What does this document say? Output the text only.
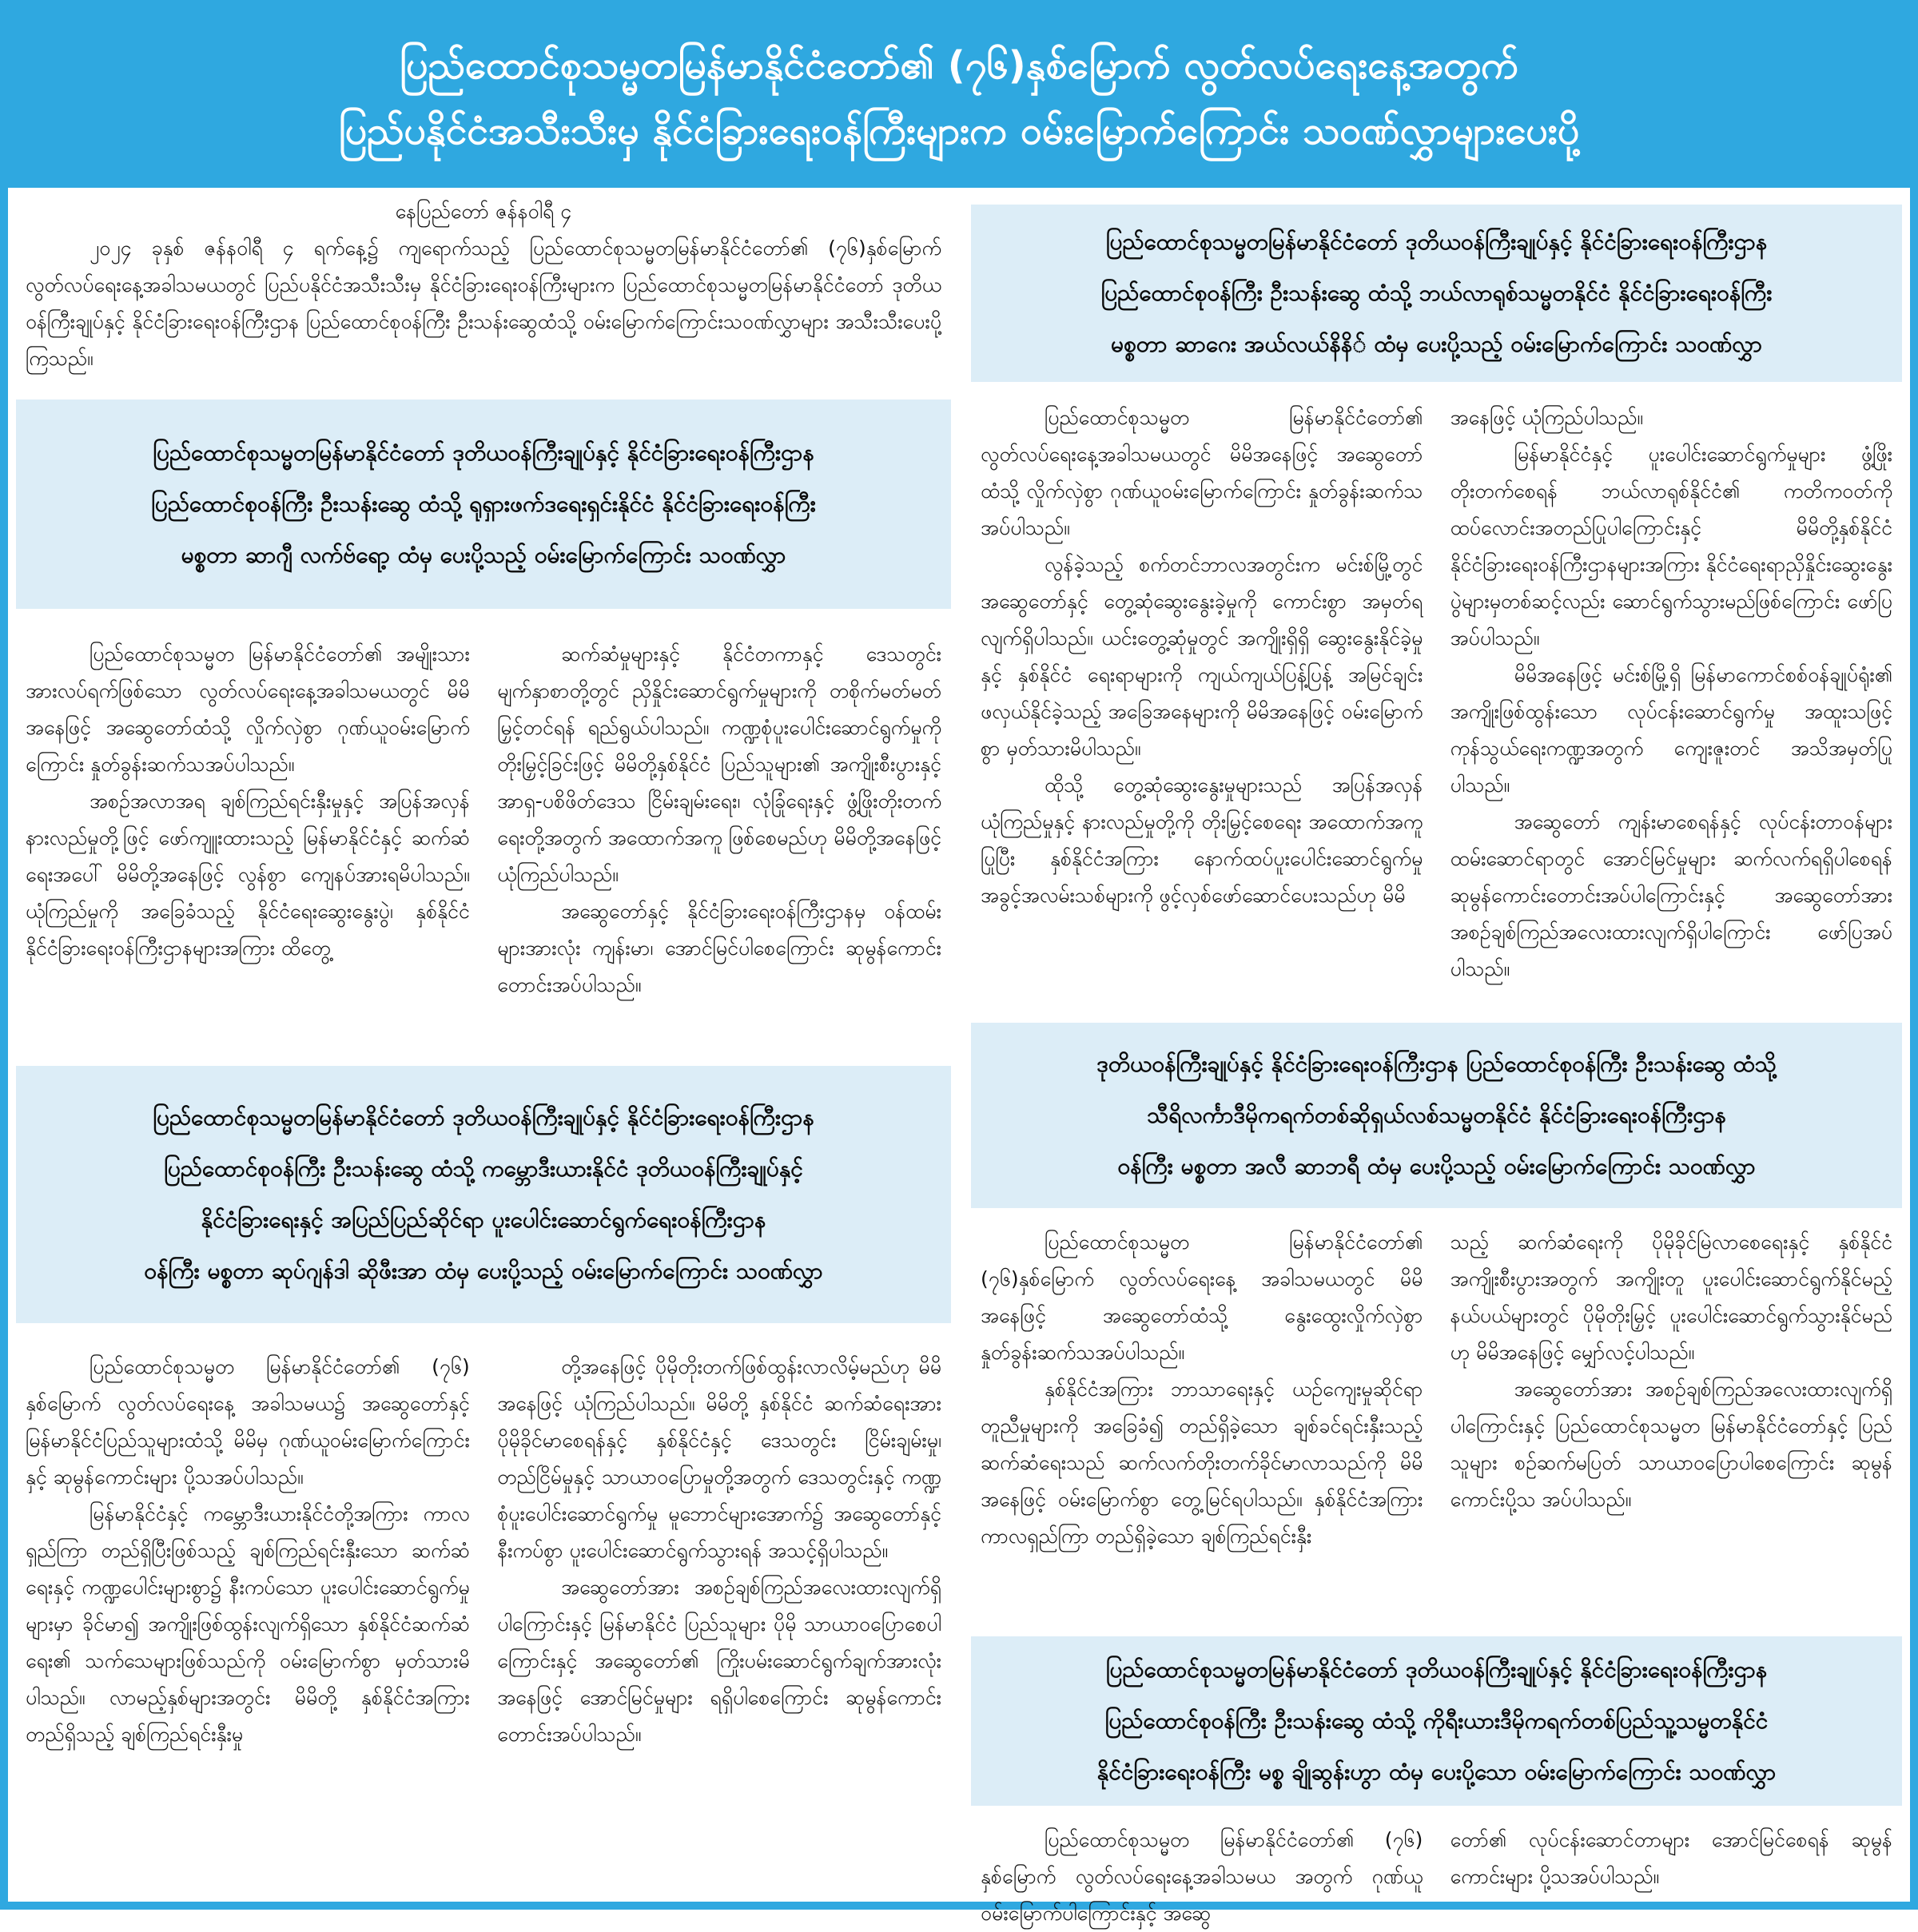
ပြည်ထောင်စုသမ္မတမြန်မာနိုင်ငံတော်၏ (၇၆)နှစ်မြောက် လွတ်လပ်ရေးနေ့အတွက်
ပြည်ပနိုင်ငံအသီးသီးမှ နိုင်ငံခြားရေးဝန်ကြီးများက ဝမ်းမြောက်ကြောင်း သဝဏ်လွှာများပေးပို့
နေပြည်တော် ဇန်နဝါရီ ၄

၂၀၂၄ ခုနှစ် ဇန်နဝါရီ ၄ ရက်နေ့၌ ကျရောက်သည့် ပြည်ထောင်စုသမ္မတမြန်မာနိုင်ငံတော်၏ (၇၆)နှစ်မြောက် လွတ်လပ်ရေးနေ့အခါသမယတွင် ပြည်ပနိုင်ငံအသီးသီးမှ နိုင်ငံခြားရေးဝန်ကြီးများက ပြည်ထောင်စုသမ္မတမြန်မာနိုင်ငံတော် ဒုတိယဝန်ကြီးချုပ်နှင့် နိုင်ငံခြားရေးဝန်ကြီးဌာန ပြည်ထောင်စုဝန်ကြီး ဦးသန်းဆွေထံသို့ ဝမ်းမြောက်ကြောင်းသဝဏ်လွှာများ အသီးသီးပေးပို့ကြသည်။

ပြည်ထောင်စုသမ္မတမြန်မာနိုင်ငံတော် ဒုတိယဝန်ကြီးချုပ်နှင့် နိုင်ငံခြားရေးဝန်ကြီးဌာန
ပြည်ထောင်စုဝန်ကြီး ဦးသန်းဆွေ ထံသို့ ရုရှားဖက်ဒရေးရှင်းနိုင်ငံ နိုင်ငံခြားရေးဝန်ကြီး
မစ္စတာ ဆာဂျီ လက်ဗ်ရော့ ထံမှ ပေးပို့သည့် ဝမ်းမြောက်ကြောင်း သဝဏ်လွှာ

ပြည်ထောင်စုသမ္မတ မြန်မာနိုင်ငံတော်၏ အမျိုးသားအားလပ်ရက်ဖြစ်သော လွတ်လပ်ရေးနေ့အခါသမယတွင် မိမိအနေဖြင့် အဆွေတော်ထံသို့ လှိုက်လှဲစွာ ဂုဏ်ယူဝမ်းမြောက်ကြောင်း နှုတ်ခွန်းဆက်သအပ်ပါသည်။

အစဉ်အလာအရ ချစ်ကြည်ရင်းနှီးမှုနှင့် အပြန်အလှန်နားလည်မှုတို့ဖြင့် ဖော်ကျူးထားသည့် မြန်မာနိုင်ငံနှင့် ဆက်ဆံရေးအပေါ် မိမိတို့အနေဖြင့် လွန်စွာ ကျေနပ်အားရမိပါသည်။ ယုံကြည်မှုကို အခြေခံသည့် နိုင်ငံရေးဆွေးနွေးပွဲ၊ နှစ်နိုင်ငံ နိုင်ငံခြားရေးဝန်ကြီးဌာနများအကြား ထိတွေ့

ဆက်ဆံမှုများနှင့် နိုင်ငံတကာနှင့် ဒေသတွင်း မျက်နှာစာတို့တွင် ညှိနှိုင်းဆောင်ရွက်မှုများကို တစိုက်မတ်မတ် မြှင့်တင်ရန် ရည်ရွယ်ပါသည်။ ကဏ္ဍစုံပူးပေါင်းဆောင်ရွက်မှုကို တိုးမြှင့်ခြင်းဖြင့် မိမိတို့နှစ်နိုင်ငံ ပြည်သူများ၏ အကျိုးစီးပွားနှင့် အာရှ-ပစိဖိတ်ဒေသ ငြိမ်းချမ်းရေး၊ လုံခြုံရေးနှင့် ဖွံ့ဖြိုးတိုးတက်ရေးတို့အတွက် အထောက်အကူ ဖြစ်စေမည်ဟု မိမိတို့အနေဖြင့် ယုံကြည်ပါသည်။

အဆွေတော်နှင့် နိုင်ငံခြားရေးဝန်ကြီးဌာနမှ ဝန်ထမ်းများအားလုံး ကျန်းမာ၊ အောင်မြင်ပါစေကြောင်း ဆုမွန်ကောင်းတောင်းအပ်ပါသည်။

ပြည်ထောင်စုသမ္မတမြန်မာနိုင်ငံတော် ဒုတိယဝန်ကြီးချုပ်နှင့် နိုင်ငံခြားရေးဝန်ကြီးဌာန
ပြည်ထောင်စုဝန်ကြီး ဦးသန်းဆွေ ထံသို့ ကမ္ဘောဒီးယားနိုင်ငံ ဒုတိယဝန်ကြီးချုပ်နှင့်
နိုင်ငံခြားရေးနှင့် အပြည်ပြည်ဆိုင်ရာ ပူးပေါင်းဆောင်ရွက်ရေးဝန်ကြီးဌာန
ဝန်ကြီး မစ္စတာ ဆုပ်ဂျန်ဒါ ဆိုဖီးအာ ထံမှ ပေးပို့သည့် ဝမ်းမြောက်ကြောင်း သဝဏ်လွှာ

ပြည်ထောင်စုသမ္မတ မြန်မာနိုင်ငံတော်၏ (၇၆) နှစ်မြောက် လွတ်လပ်ရေးနေ့ အခါသမယ၌ အဆွေတော်နှင့် မြန်မာနိုင်ငံပြည်သူများထံသို့ မိမိမှ ဂုဏ်ယူဝမ်းမြောက်ကြောင်းနှင့် ဆုမွန်ကောင်းများ ပို့သအပ်ပါသည်။

မြန်မာနိုင်ငံနှင့် ကမ္ဘောဒီးယားနိုင်ငံတို့အကြား ကာလရှည်ကြာ တည်ရှိပြီးဖြစ်သည့် ချစ်ကြည်ရင်းနှီးသော ဆက်ဆံရေးနှင့် ကဏ္ဍပေါင်းများစွာ၌ နီးကပ်သော ပူးပေါင်းဆောင်ရွက်မှုများမှာ ခိုင်မာ၍ အကျိုးဖြစ်ထွန်းလျက်ရှိသော နှစ်နိုင်ငံဆက်ဆံရေး၏ သက်သေများဖြစ်သည်ကို ဝမ်းမြောက်စွာ မှတ်သားမိပါသည်။ လာမည့်နှစ်များအတွင်း မိမိတို့ နှစ်နိုင်ငံအကြား တည်ရှိသည့် ချစ်ကြည်ရင်းနှီးမှု

တို့အနေဖြင့် ပိုမိုတိုးတက်ဖြစ်ထွန်းလာလိမ့်မည်ဟု မိမိအနေဖြင့် ယုံကြည်ပါသည်။ မိမိတို့ နှစ်နိုင်ငံ ဆက်ဆံရေးအား ပိုမိုခိုင်မာစေရန်နှင့် နှစ်နိုင်ငံနှင့် ဒေသတွင်း ငြိမ်းချမ်းမှု၊ တည်ငြိမ်မှုနှင့် သာယာဝပြောမှုတို့အတွက် ဒေသတွင်းနှင့် ကဏ္ဍစုံပူးပေါင်းဆောင်ရွက်မှု မူဘောင်များအောက်၌ အဆွေတော်နှင့် နီးကပ်စွာ ပူးပေါင်းဆောင်ရွက်သွားရန် အသင့်ရှိပါသည်။

အဆွေတော်အား အစဉ်ချစ်ကြည်အလေးထားလျက်ရှိပါကြောင်းနှင့် မြန်မာနိုင်ငံ ပြည်သူများ ပိုမို သာယာဝပြောစေပါကြောင်းနှင့် အဆွေတော်၏ ကြိုးပမ်းဆောင်ရွက်ချက်အားလုံး အနေဖြင့် အောင်မြင်မှုများ ရရှိပါစေကြောင်း ဆုမွန်ကောင်း တောင်းအပ်ပါသည်။

ပြည်ထောင်စုသမ္မတမြန်မာနိုင်ငံတော် ဒုတိယဝန်ကြီးချုပ်နှင့် နိုင်ငံခြားရေးဝန်ကြီးဌာန
ပြည်ထောင်စုဝန်ကြီး ဦးသန်းဆွေ ထံသို့ ဘယ်လာရုစ်သမ္မတနိုင်ငံ နိုင်ငံခြားရေးဝန်ကြီး
မစ္စတာ ဆာဂေး အယ်လယ်နိနိ် ထံမှ ပေးပို့သည့် ဝမ်းမြောက်ကြောင်း သဝဏ်လွှာ

ပြည်ထောင်စုသမ္မတ မြန်မာနိုင်ငံတော်၏ လွတ်လပ်ရေးနေ့အခါသမယတွင် မိမိအနေဖြင့် အဆွေတော်ထံသို့ လှိုက်လှဲစွာ ဂုဏ်ယူဝမ်းမြောက်ကြောင်း နှုတ်ခွန်းဆက်သအပ်ပါသည်။

လွန်ခဲ့သည့် စက်တင်ဘာလအတွင်းက မင်းစ်မြို့တွင် အဆွေတော်နှင့် တွေ့ဆုံဆွေးနွေးခဲ့မှုကို ကောင်းစွာ အမှတ်ရလျက်ရှိပါသည်။ ယင်းတွေ့ဆုံမှုတွင် အကျိုးရှိရှိ ဆွေးနွေးနိုင်ခဲ့မှုနှင့် နှစ်နိုင်ငံ ရေးရာများကို ကျယ်ကျယ်ပြန့်ပြန့် အမြင်ချင်း ဖလှယ်နိုင်ခဲ့သည့် အခြေအနေများကို မိမိအနေဖြင့် ဝမ်းမြောက်စွာ မှတ်သားမိပါသည်။

ထိုသို့ တွေ့ဆုံဆွေးနွေးမှုများသည် အပြန်အလှန် ယုံကြည်မှုနှင့် နားလည်မှုတို့ကို တိုးမြှင့်စေရေး အထောက်အကူပြုပြီး နှစ်နိုင်ငံအကြား နောက်ထပ်ပူးပေါင်းဆောင်ရွက်မှု အခွင့်အလမ်းသစ်များကို ဖွင့်လှစ်ဖော်ဆောင်ပေးသည်ဟု မိမိ

အနေဖြင့် ယုံကြည်ပါသည်။

မြန်မာနိုင်ငံနှင့် ပူးပေါင်းဆောင်ရွက်မှုများ ဖွံ့ဖြိုးတိုးတက်စေရန် ဘယ်လာရုစ်နိုင်ငံ၏ ကတိကဝတ်ကို ထပ်လောင်းအတည်ပြုပါကြောင်းနှင့် မိမိတို့နှစ်နိုင်ငံ နိုင်ငံခြားရေးဝန်ကြီးဌာနများအကြား နိုင်ငံရေးရာညှိနှိုင်းဆွေးနွေးပွဲများမှတစ်ဆင့်လည်း ဆောင်ရွက်သွားမည်ဖြစ်ကြောင်း ဖော်ပြအပ်ပါသည်။

မိမိအနေဖြင့် မင်းစ်မြို့ရှိ မြန်မာကောင်စစ်ဝန်ချုပ်ရုံး၏ အကျိုးဖြစ်ထွန်းသော လုပ်ငန်းဆောင်ရွက်မှု အထူးသဖြင့် ကုန်သွယ်ရေးကဏ္ဍအတွက် ကျေးဇူးတင် အသိအမှတ်ပြုပါသည်။

အဆွေတော် ကျန်းမာစေရန်နှင့် လုပ်ငန်းတာဝန်များ ထမ်းဆောင်ရာတွင် အောင်မြင်မှုများ ဆက်လက်ရရှိပါစေရန် ဆုမွန်ကောင်းတောင်းအပ်ပါကြောင်းနှင့် အဆွေတော်အား အစဉ်ချစ်ကြည်အလေးထားလျက်ရှိပါကြောင်း ဖော်ပြအပ်ပါသည်။

ဒုတိယဝန်ကြီးချုပ်နှင့် နိုင်ငံခြားရေးဝန်ကြီးဌာန ပြည်ထောင်စုဝန်ကြီး ဦးသန်းဆွေ ထံသို့
သီရိလင်္ကာဒီမိုကရက်တစ်ဆိုရှယ်လစ်သမ္မတနိုင်ငံ နိုင်ငံခြားရေးဝန်ကြီးဌာန
ဝန်ကြီး မစ္စတာ အလီ ဆာဘရီ ထံမှ ပေးပို့သည့် ဝမ်းမြောက်ကြောင်း သဝဏ်လွှာ

ပြည်ထောင်စုသမ္မတ မြန်မာနိုင်ငံတော်၏ (၇၆)နှစ်မြောက် လွတ်လပ်ရေးနေ့ အခါသမယတွင် မိမိအနေဖြင့် အဆွေတော်ထံသို့ နွေးထွေးလှိုက်လှဲစွာ နှုတ်ခွန်းဆက်သအပ်ပါသည်။

နှစ်နိုင်ငံအကြား ဘာသာရေးနှင့် ယဉ်ကျေးမှုဆိုင်ရာ တူညီမှုများကို အခြေခံ၍ တည်ရှိခဲ့သော ချစ်ခင်ရင်းနှီးသည့် ဆက်ဆံရေးသည် ဆက်လက်တိုးတက်ခိုင်မာလာသည်ကို မိမိအနေဖြင့် ဝမ်းမြောက်စွာ တွေ့မြင်ရပါသည်။ နှစ်နိုင်ငံအကြား ကာလရှည်ကြာ တည်ရှိခဲ့သော ချစ်ကြည်ရင်းနှီး

သည့် ဆက်ဆံရေးကို ပိုမိုခိုင်မြဲလာစေရေးနှင့် နှစ်နိုင်ငံအကျိုးစီးပွားအတွက် အကျိုးတူ ပူးပေါင်းဆောင်ရွက်နိုင်မည့်နယ်ပယ်များတွင် ပိုမိုတိုးမြှင့် ပူးပေါင်းဆောင်ရွက်သွားနိုင်မည်ဟု မိမိအနေဖြင့် မျှော်လင့်ပါသည်။

အဆွေတော်အား အစဉ်ချစ်ကြည်အလေးထားလျက်ရှိပါကြောင်းနှင့် ပြည်ထောင်စုသမ္မတ မြန်မာနိုင်ငံတော်နှင့် ပြည်သူများ စဉ်ဆက်မပြတ် သာယာဝပြောပါစေကြောင်း ဆုမွန်ကောင်းပို့သ အပ်ပါသည်။

ပြည်ထောင်စုသမ္မတမြန်မာနိုင်ငံတော် ဒုတိယဝန်ကြီးချုပ်နှင့် နိုင်ငံခြားရေးဝန်ကြီးဌာန
ပြည်ထောင်စုဝန်ကြီး ဦးသန်းဆွေ ထံသို့ ကိုရီးယားဒီမိုကရက်တစ်ပြည်သူ့သမ္မတနိုင်ငံ
နိုင်ငံခြားရေးဝန်ကြီး မစ္စ ချိုဆွန်းဟွာ ထံမှ ပေးပို့သော ဝမ်းမြောက်ကြောင်း သဝဏ်လွှာ

ပြည်ထောင်စုသမ္မတ မြန်မာနိုင်ငံတော်၏ (၇၆) နှစ်မြောက် လွတ်လပ်ရေးနေ့အခါသမယ အတွက် ဂုဏ်ယူဝမ်းမြောက်ပါကြောင်းနှင့် အဆွေ

တော်၏ လုပ်ငန်းဆောင်တာများ အောင်မြင်စေရန် ဆုမွန်ကောင်းများ ပို့သအပ်ပါသည်။
